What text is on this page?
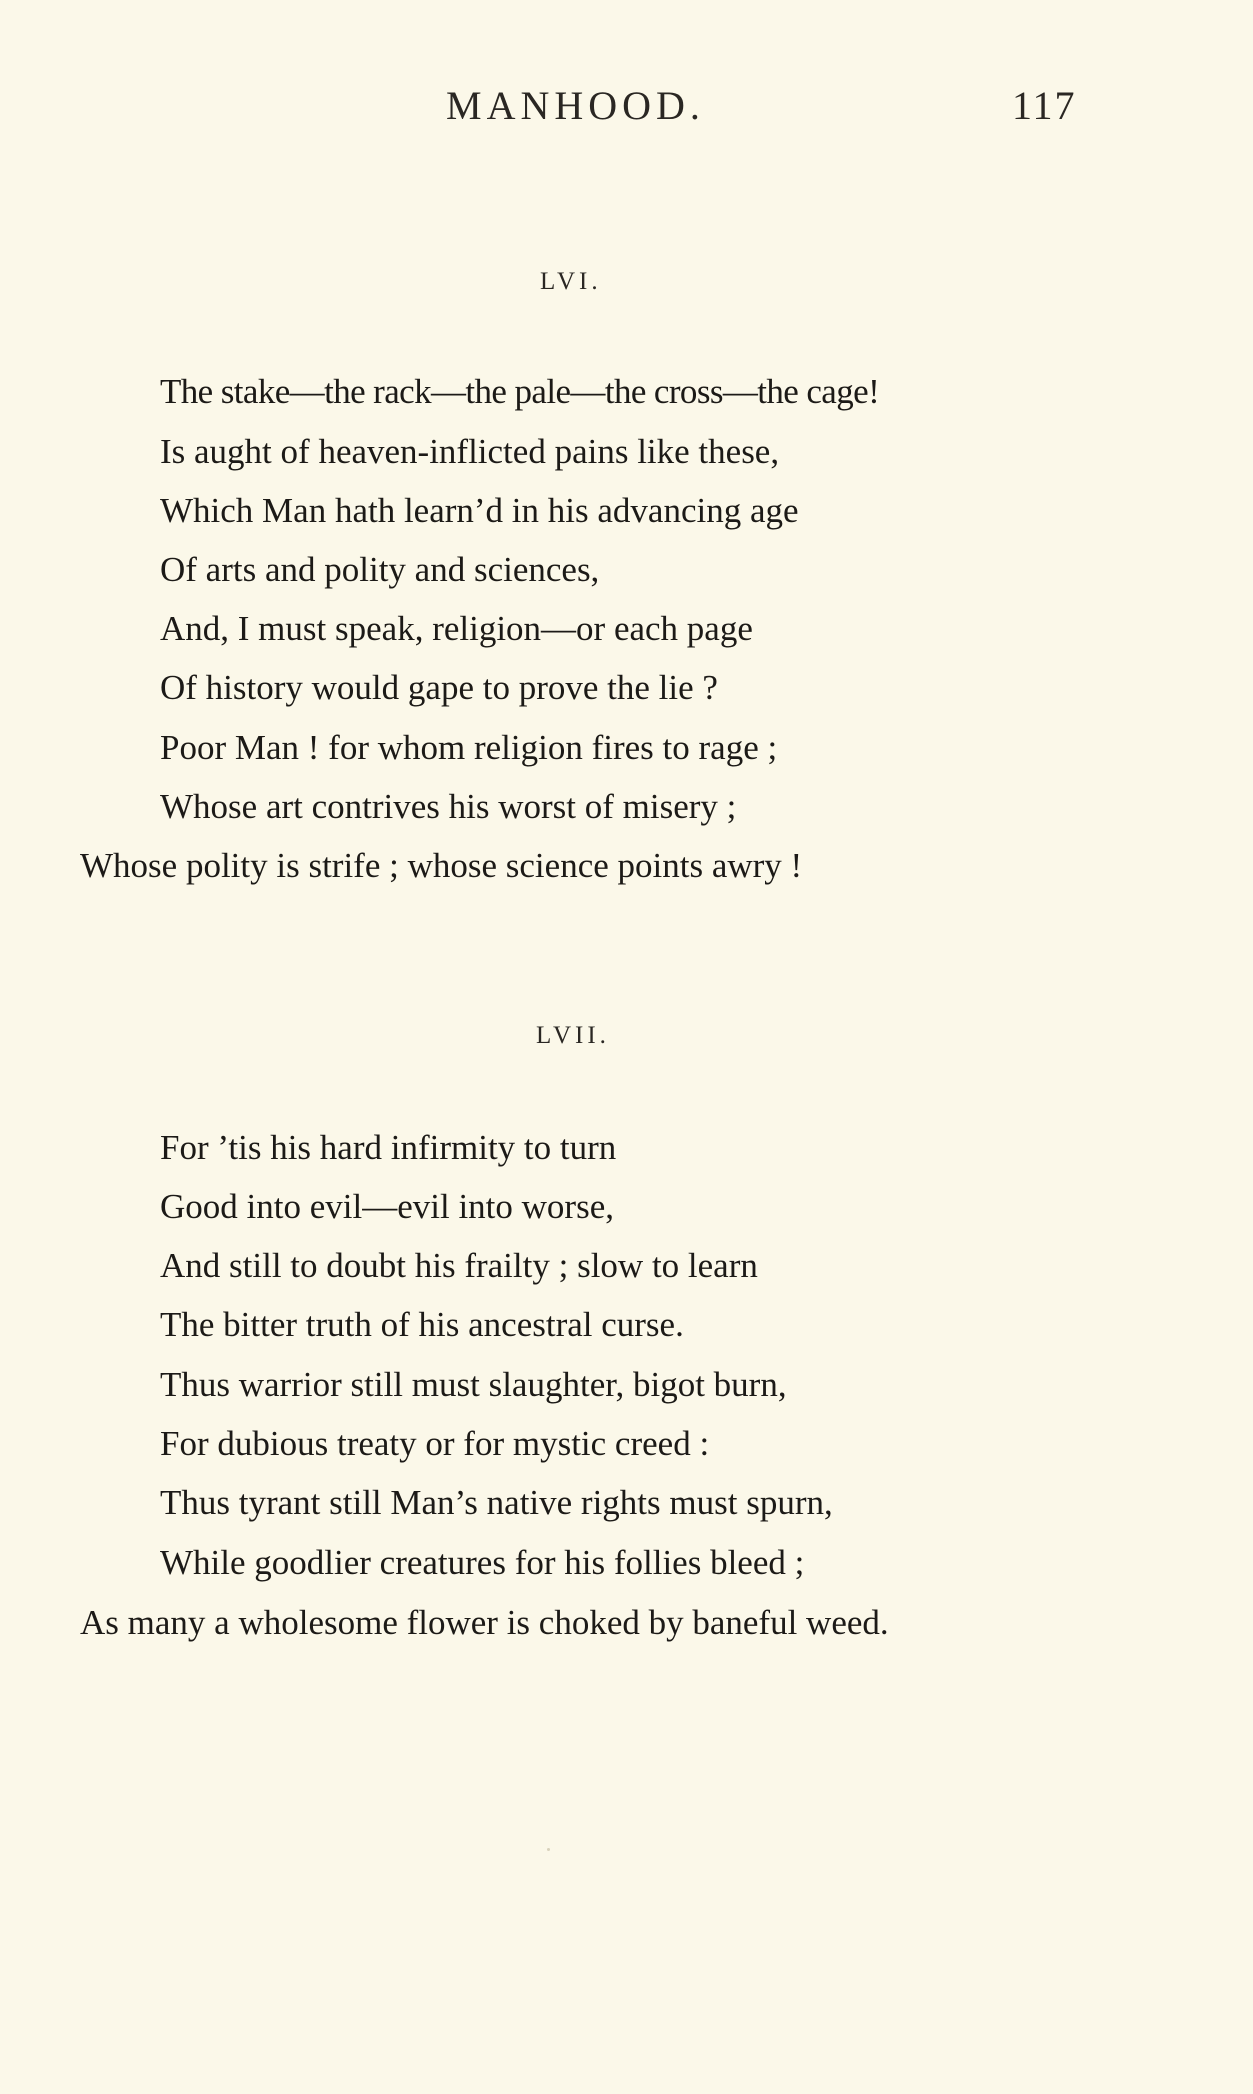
MANHOOD.	117
LVI.
The stake—the rack—the pale—the cross—the cage!
Is aught of heaven-inflicted pains like these,
Which Man hath learn’d in his advancing age
Of arts and polity and sciences,
And, I must speak, religion—or each page
Of history would gape to prove the lie ?
Poor Man ! for whom religion fires to rage ;
Whose art contrives his worst of misery ;
Whose polity is strife ; whose science points awry !
LVII.
For ’tis his hard infirmity to turn
Good into evil—evil into worse,
And still to doubt his frailty ; slow to learn
The bitter truth of his ancestral curse.
Thus warrior still must slaughter, bigot burn,
For dubious treaty or for mystic creed :
Thus tyrant still Man’s native rights must spurn,
While goodlier creatures for his follies bleed ;
As many a wholesome flower is choked by baneful weed.
